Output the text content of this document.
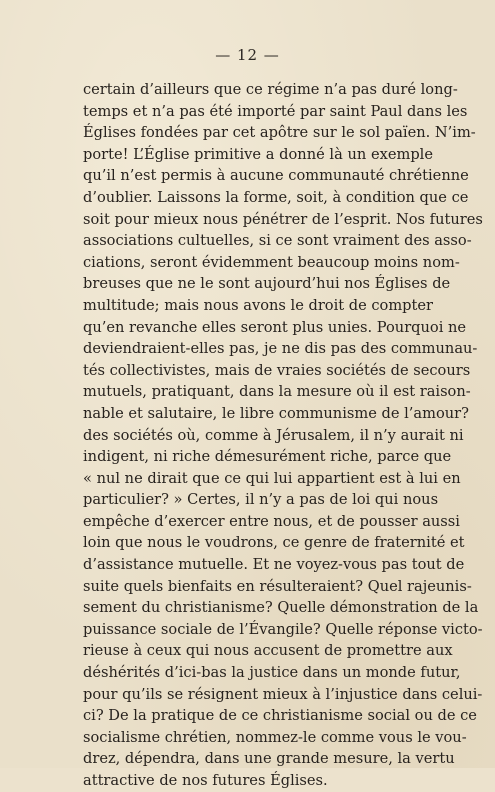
— 12 —
certain d’ailleurs que ce régime n’a pas duré long-
temps et n’a pas été importé par saint Paul dans les
Églises fondées par cet apôtre sur le sol païen. N’im-
porte! L’Église primitive a donné là un exemple
qu’il n’est permis à aucune communauté chrétienne
d’oublier. Laissons la forme, soit, à condition que ce
soit pour mieux nous pénétrer de l’esprit. Nos futures
associations cultuelles, si ce sont vraiment des asso-
ciations, seront évidemment beaucoup moins nom-
breuses que ne le sont aujourd’hui nos Églises de
multitude; mais nous avons le droit de compter
qu’en revanche elles seront plus unies. Pourquoi ne
deviendraient-elles pas, je ne dis pas des communau-
tés collectivistes, mais de vraies sociétés de secours
mutuels, pratiquant, dans la mesure où il est raison-
nable et salutaire, le libre communisme de l’amour?
des sociétés où, comme à Jérusalem, il n’y aurait ni
indigent, ni riche démesurément riche, parce que
« nul ne dirait que ce qui lui appartient est à lui en
particulier? » Certes, il n’y a pas de loi qui nous
empêche d’exercer entre nous, et de pousser aussi
loin que nous le voudrons, ce genre de fraternité et
d’assistance mutuelle. Et ne voyez-vous pas tout de
suite quels bienfaits en résulteraient? Quel rajeunis-
sement du christianisme? Quelle démonstration de la
puissance sociale de l’Évangile? Quelle réponse victo-
rieuse à ceux qui nous accusent de promettre aux
déshérités d’ici-bas la justice dans un monde futur,
pour qu’ils se résignent mieux à l’injustice dans celui-
ci? De la pratique de ce christianisme social ou de ce
socialisme chrétien, nommez-le comme vous le vou-
drez, dépendra, dans une grande mesure, la vertu
attractive de nos futures Églises.
